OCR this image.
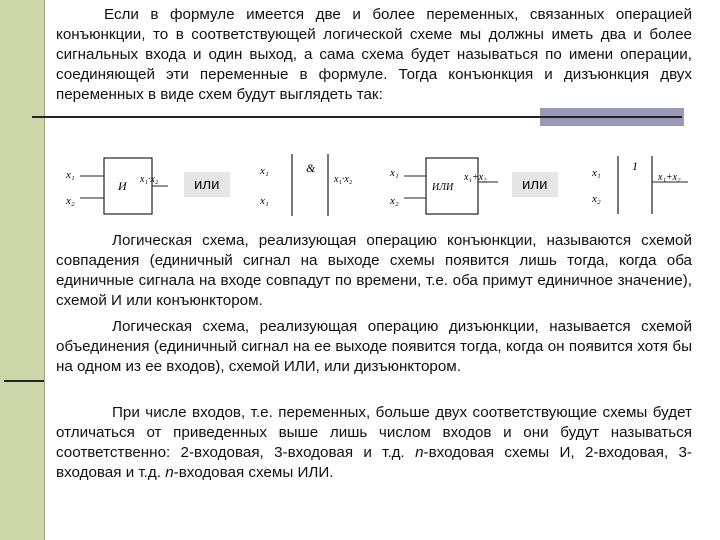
Если в формуле имеется две и более переменных, связанных операцией конъюнкции, то в соответствующей логической схеме мы должны иметь два и более сигнальных входа и один выход, а сама схема будет называться по имени операции, соединяющей эти переменные в формуле. Тогда конъюнкция и дизъюнкция двух переменных в виде схем будут выглядеть так:

x₁
x₂
И x₁·x₂	или
x₁
x₁
&
x₁·x₂
x₁
x₂
ИЛИ
x₁+x₂	или
x₁
x₂
1
x₁+x₂

Логическая схема, реализующая операцию конъюнкции, называются схемой совпадения (единичный сигнал на выходе схемы появится лишь тогда, когда оба единичные сигнала на входе совпадут по времени, т.е. оба примут единичное значение), схемой И или конъюнктором.

Логическая схема, реализующая операцию дизъюнкции, называется схемой объединения (единичный сигнал на ее выходе появится тогда, когда он появится хотя бы на одном из ее входов), схемой ИЛИ, или дизъюнктором.

При числе входов, т.е. переменных, больше двух соответствующие схемы будет отличаться от приведенных выше лишь числом входов и они будут называться соответственно: 2-входовая, 3-входовая и т.д. n-входовая схемы И, 2-входовая, 3-входовая и т.д. n-входовая схемы ИЛИ.
